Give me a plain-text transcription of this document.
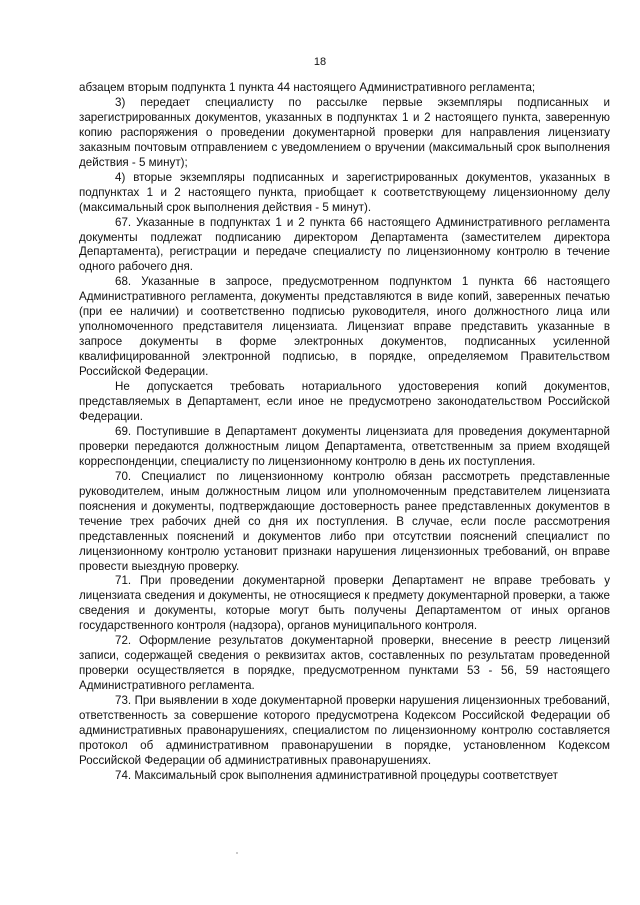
18

абзацем вторым подпункта 1 пункта 44 настоящего Административного регламента;

3) передает специалисту по рассылке первые экземпляры подписанных и зарегистрированных документов, указанных в подпунктах 1 и 2 настоящего пункта, заверенную копию распоряжения о проведении документарной проверки для направления лицензиату заказным почтовым отправлением с уведомлением о вручении (максимальный срок выполнения действия - 5 минут);

4) вторые экземпляры подписанных и зарегистрированных документов, указанных в подпунктах 1 и 2 настоящего пункта, приобщает к соответствующему лицензионному делу (максимальный срок выполнения действия - 5 минут).

67. Указанные в подпунктах 1 и 2 пункта 66 настоящего Административного регламента документы подлежат подписанию директором Департамента (заместителем директора Департамента), регистрации и передаче специалисту по лицензионному контролю в течение одного рабочего дня.

68. Указанные в запросе, предусмотренном подпунктом 1 пункта 66 настоящего Административного регламента, документы представляются в виде копий, заверенных печатью (при ее наличии) и соответственно подписью руководителя, иного должностного лица или уполномоченного представителя лицензиата. Лицензиат вправе представить указанные в запросе документы в форме электронных документов, подписанных усиленной квалифицированной электронной подписью, в порядке, определяемом Правительством Российской Федерации.

Не допускается требовать нотариального удостоверения копий документов, представляемых в Департамент, если иное не предусмотрено законодательством Российской Федерации.

69. Поступившие в Департамент документы лицензиата для проведения документарной проверки передаются должностным лицом Департамента, ответственным за прием входящей корреспонденции, специалисту по лицензионному контролю в день их поступления.

70. Специалист по лицензионному контролю обязан рассмотреть представленные руководителем, иным должностным лицом или уполномоченным представителем лицензиата пояснения и документы, подтверждающие достоверность ранее представленных документов в течение трех рабочих дней со дня их поступления. В случае, если после рассмотрения представленных пояснений и документов либо при отсутствии пояснений специалист по лицензионному контролю установит признаки нарушения лицензионных требований, он вправе провести выездную проверку.

71. При проведении документарной проверки Департамент не вправе требовать у лицензиата сведения и документы, не относящиеся к предмету документарной проверки, а также сведения и документы, которые могут быть получены Департаментом от иных органов государственного контроля (надзора), органов муниципального контроля.

72. Оформление результатов документарной проверки, внесение в реестр лицензий записи, содержащей сведения о реквизитах актов, составленных по результатам проведенной проверки осуществляется в порядке, предусмотренном пунктами 53 - 56, 59 настоящего Административного регламента.

73. При выявлении в ходе документарной проверки нарушения лицензионных требований, ответственность за совершение которого предусмотрена Кодексом Российской Федерации об административных правонарушениях, специалистом по лицензионному контролю составляется протокол об административном правонарушении в порядке, установленном Кодексом Российской Федерации об административных правонарушениях.

74. Максимальный срок выполнения административной процедуры соответствует
